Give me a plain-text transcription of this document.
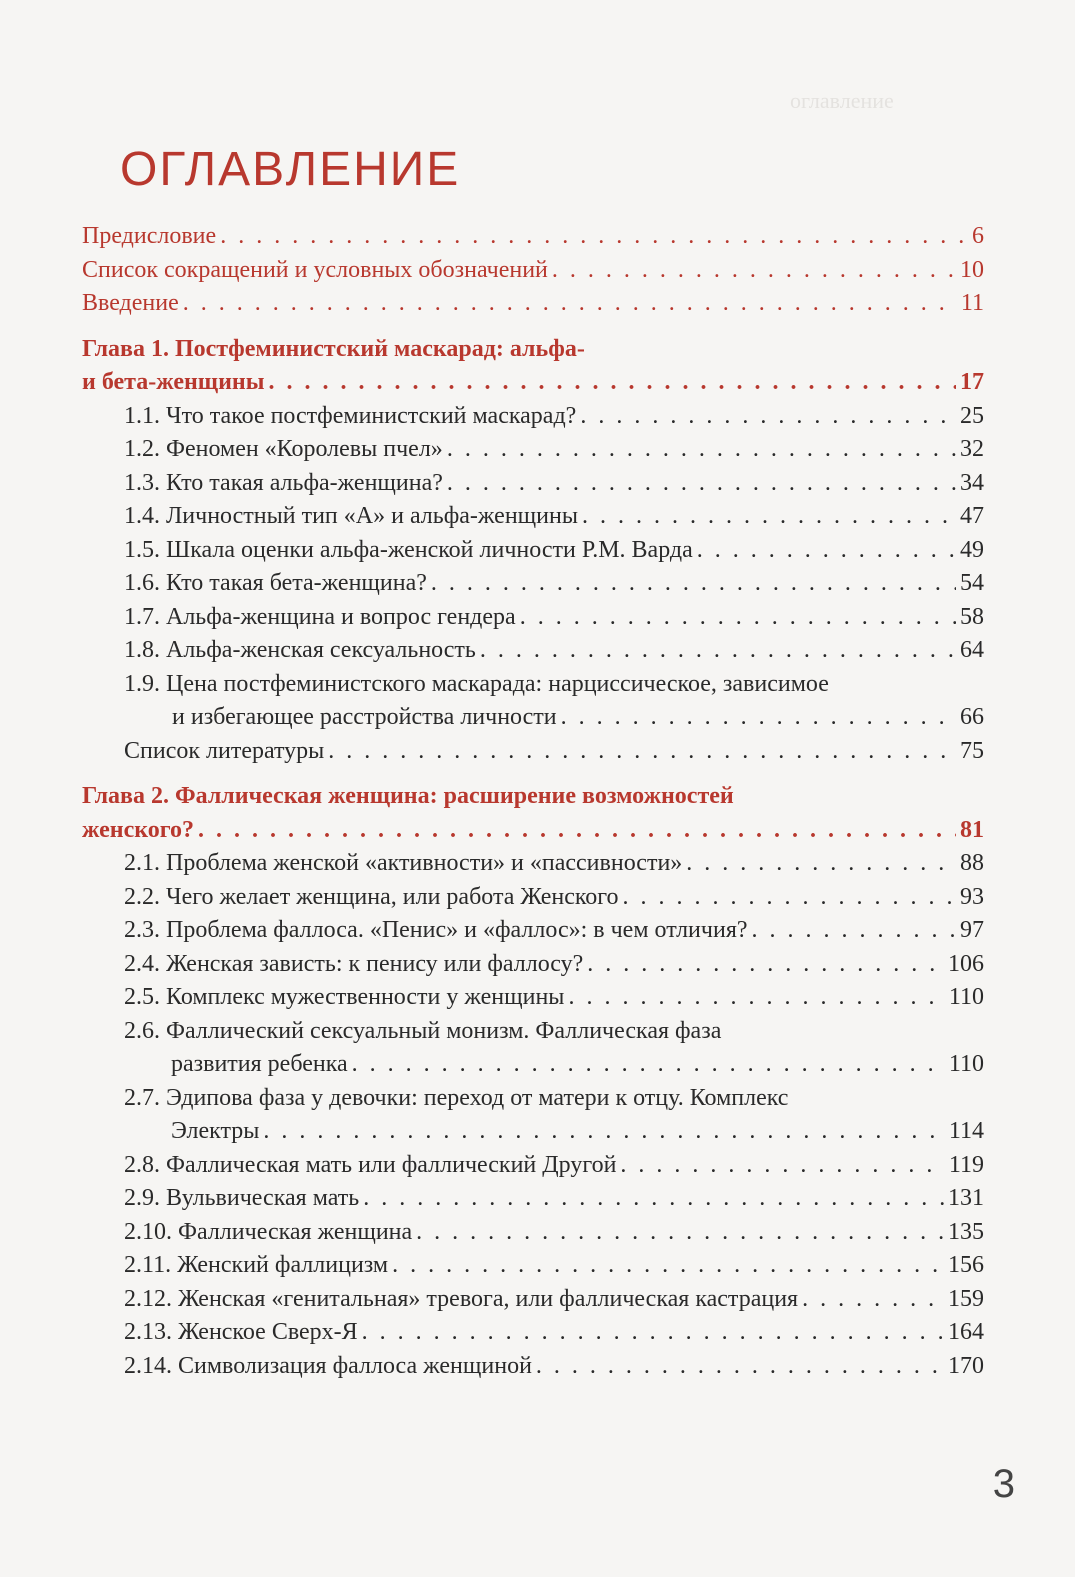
оглавление
ОГЛАВЛЕНИЕ
Предисловие . . .	6
Список сокращений и условных обозначений . . .	10
Введение . . .	11
Глава 1. Постфеминистский маскарад: альфа-
и бета-женщины . . .	17
1.1. Что такое постфеминистский маскарад? . . .	25
1.2. Феномен «Королевы пчел» . . .	32
1.3. Кто такая альфа-женщина? . . .	34
1.4. Личностный тип «А» и альфа-женщины . . .	47
1.5. Шкала оценки альфа-женской личности Р.М. Варда . . .	49
1.6. Кто такая бета-женщина? . . .	54
1.7. Альфа-женщина и вопрос гендера . . .	58
1.8. Альфа-женская сексуальность . . .	64
1.9. Цена постфеминистского маскарада: нарциссическое, зависимое
и избегающее расстройства личности . . .	66
Список литературы . . .	75
Глава 2. Фаллическая женщина: расширение возможностей
женского? . . .	81
2.1. Проблема женской «активности» и «пассивности» . . .	88
2.2. Чего желает женщина, или работа Женского . . .	93
2.3. Проблема фаллоса. «Пенис» и «фаллос»: в чем отличия? . . .	97
2.4. Женская зависть: к пенису или фаллосу? . . .	106
2.5. Комплекс мужественности у женщины . . .	110
2.6. Фаллический сексуальный монизм. Фаллическая фаза
развития ребенка . . .	110
2.7. Эдипова фаза у девочки: переход от матери к отцу. Комплекс
Электры . . .	114
2.8. Фаллическая мать или фаллический Другой . . .	119
2.9. Вульвическая мать . . .	131
2.10. Фаллическая женщина . . .	135
2.11. Женский фаллицизм . . .	156
2.12. Женская «генитальная» тревога, или фаллическая кастрация . . .	159
2.13. Женское Сверх-Я . . .	164
2.14. Символизация фаллоса женщиной . . .	170
3
